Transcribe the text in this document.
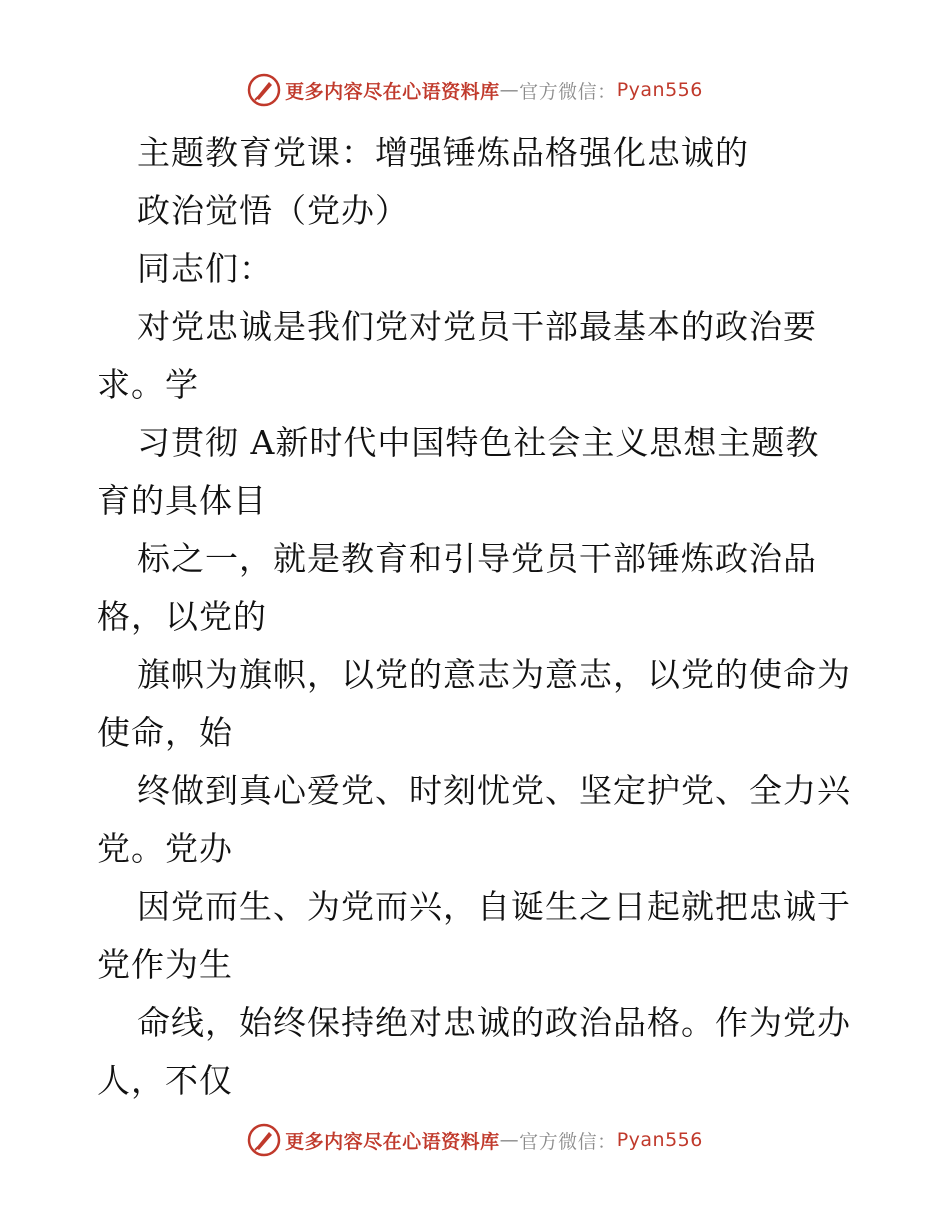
更多内容尽在心语资料库 — 官方微信： Pyan556
主题教育党课：增强锤炼品格强化忠诚的
政治觉悟（党办）
同志们：
对党忠诚是我们党对党员干部最基本的政治要
求。学
习贯彻 A新时代中国特色社会主义思想主题教
育的具体目
标之一，就是教育和引导党员干部锤炼政治品
格，以党的
旗帜为旗帜，以党的意志为意志，以党的使命为
使命，始
终做到真心爱党、时刻忧党、坚定护党、全力兴
党。党办
因党而生、为党而兴，自诞生之日起就把忠诚于
党作为生
命线，始终保持绝对忠诚的政治品格。作为党办
人，不仅
更多内容尽在心语资料库 — 官方微信： Pyan556
